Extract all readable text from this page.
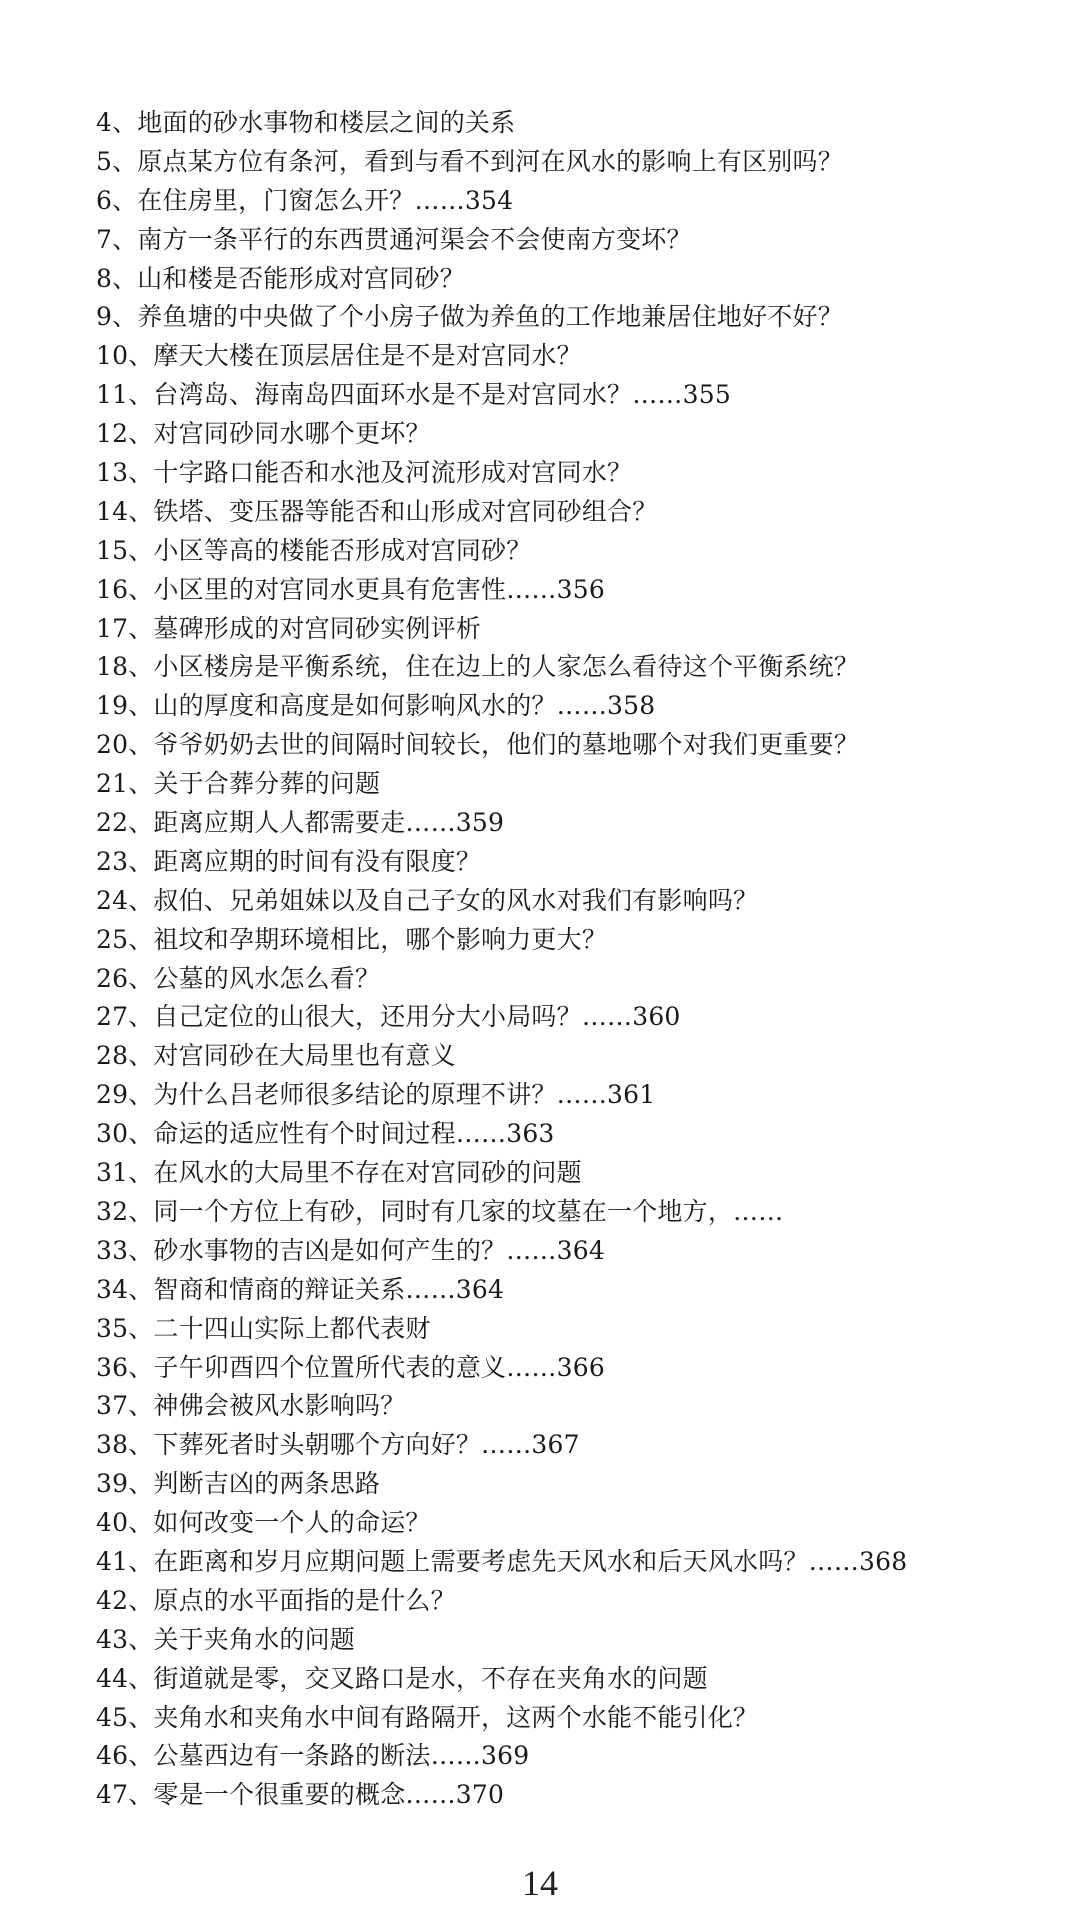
4、地面的砂水事物和楼层之间的关系
5、原点某方位有条河，看到与看不到河在风水的影响上有区别吗？
6、在住房里，门窗怎么开？……354
7、南方一条平行的东西贯通河渠会不会使南方变坏？
8、山和楼是否能形成对宫同砂？
9、养鱼塘的中央做了个小房子做为养鱼的工作地兼居住地好不好？
10、摩天大楼在顶层居住是不是对宫同水？
11、台湾岛、海南岛四面环水是不是对宫同水？……355
12、对宫同砂同水哪个更坏？
13、十字路口能否和水池及河流形成对宫同水？
14、铁塔、变压器等能否和山形成对宫同砂组合？
15、小区等高的楼能否形成对宫同砂？
16、小区里的对宫同水更具有危害性……356
17、墓碑形成的对宫同砂实例评析
18、小区楼房是平衡系统，住在边上的人家怎么看待这个平衡系统？
19、山的厚度和高度是如何影响风水的？……358
20、爷爷奶奶去世的间隔时间较长，他们的墓地哪个对我们更重要？
21、关于合葬分葬的问题
22、距离应期人人都需要走……359
23、距离应期的时间有没有限度？
24、叔伯、兄弟姐妹以及自己子女的风水对我们有影响吗？
25、祖坟和孕期环境相比，哪个影响力更大？
26、公墓的风水怎么看？
27、自己定位的山很大，还用分大小局吗？……360
28、对宫同砂在大局里也有意义
29、为什么吕老师很多结论的原理不讲？……361
30、命运的适应性有个时间过程……363
31、在风水的大局里不存在对宫同砂的问题
32、同一个方位上有砂，同时有几家的坟墓在一个地方，……
33、砂水事物的吉凶是如何产生的？……364
34、智商和情商的辩证关系……364
35、二十四山实际上都代表财
36、子午卯酉四个位置所代表的意义……366
37、神佛会被风水影响吗？
38、下葬死者时头朝哪个方向好？……367
39、判断吉凶的两条思路
40、如何改变一个人的命运？
41、在距离和岁月应期问题上需要考虑先天风水和后天风水吗？……368
42、原点的水平面指的是什么？
43、关于夹角水的问题
44、街道就是零，交叉路口是水，不存在夹角水的问题
45、夹角水和夹角水中间有路隔开，这两个水能不能引化？
46、公墓西边有一条路的断法……369
47、零是一个很重要的概念……370
14
